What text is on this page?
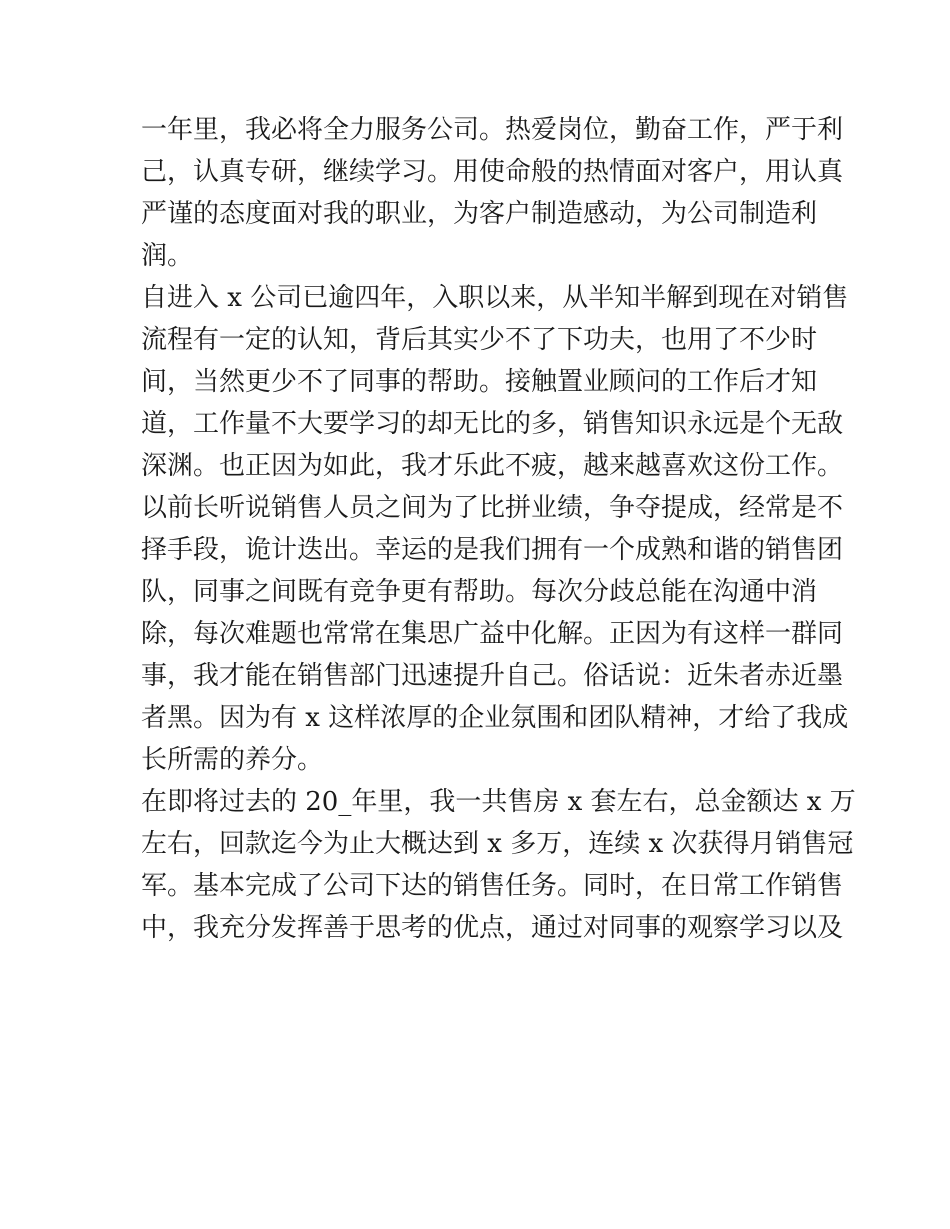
一年里，我必将全力服务公司。热爱岗位，勤奋工作，严于利
己，认真专研，继续学习。用使命般的热情面对客户，用认真
严谨的态度面对我的职业，为客户制造感动，为公司制造利
润。
自进入 x 公司已逾四年，入职以来，从半知半解到现在对销售
流程有一定的认知，背后其实少不了下功夫，也用了不少时
间，当然更少不了同事的帮助。接触置业顾问的工作后才知
道，工作量不大要学习的却无比的多，销售知识永远是个无敌
深渊。也正因为如此，我才乐此不疲，越来越喜欢这份工作。
以前长听说销售人员之间为了比拼业绩，争夺提成，经常是不
择手段，诡计迭出。幸运的是我们拥有一个成熟和谐的销售团
队，同事之间既有竞争更有帮助。每次分歧总能在沟通中消
除，每次难题也常常在集思广益中化解。正因为有这样一群同
事，我才能在销售部门迅速提升自己。俗话说：近朱者赤近墨
者黑。因为有 x 这样浓厚的企业氛围和团队精神，才给了我成
长所需的养分。
在即将过去的 20_年里，我一共售房 x 套左右，总金额达 x 万
左右，回款迄今为止大概达到 x 多万，连续 x 次获得月销售冠
军。基本完成了公司下达的销售任务。同时，在日常工作销售
中，我充分发挥善于思考的优点，通过对同事的观察学习以及
